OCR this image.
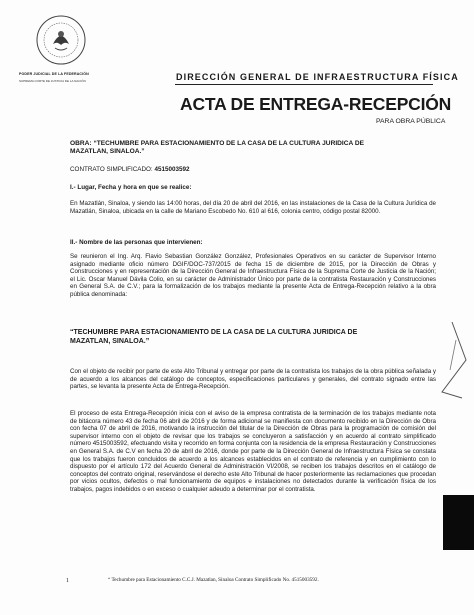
PODER JUDICIAL DE LA FEDERACIÓN
SUPREMA CORTE DE JUSTICIA DE LA NACIÓN	DIRECCIÓN GENERAL DE INFRAESTRUCTURA FÍSICA
ACTA DE ENTREGA-RECEPCIÓN
PARA OBRA PÚBLICA
OBRA: “TECHUMBRE PARA ESTACIONAMIENTO DE LA CASA DE LA CULTURA JURIDICA DE
MAZATLAN, SINALOA.”
CONTRATO SIMPLIFICADO: 4515003592
I.- Lugar, Fecha y hora en que se realice:
En Mazatlán, Sinaloa, y siendo las 14:00 horas, del día 20 de abril del 2016, en las instalaciones de la Casa de la Cultura Jurídica de Mazatlán, Sinaloa, ubicada en la calle de Mariano Escobedo No. 610 al 616, colonia centro, código postal 82000.
II.- Nombre de las personas que intervienen:
Se reunieron el Ing. Arq. Flavio Sebastian González González, Profesionales Operativos en su carácter de Supervisor Interno asignado mediante oficio número DGIF/DOC-737/2015 de fecha 15 de diciembre de 2015, por la Dirección de Obras y Construcciones y en representación de la Dirección General de Infraestructura Física de la Suprema Corte de Justicia de la Nación; el Lic. Oscar Manuel Dávila Colio, en su carácter de Administrador Único por parte de la contratista Restauración y Construcciones en General S.A. de C.V.; para la formalización de los trabajos mediante la presente Acta de Entrega-Recepción relativo a la obra pública denominada:
“TECHUMBRE PARA ESTACIONAMIENTO DE LA CASA DE LA CULTURA JURIDICA DE
MAZATLAN, SINALOA.”
Con el objeto de recibir por parte de este Alto Tribunal y entregar por parte de la contratista los trabajos de la obra pública señalada y de acuerdo a los alcances del catálogo de conceptos, especificaciones particulares y generales, del contrato signado entre las partes, se levanta la presente Acta de Entrega-Recepción.
El proceso de esta Entrega-Recepción inicia con el aviso de la empresa contratista de la terminación de los trabajos mediante nota de bitácora número 43 de fecha 06 abril de 2016 y de forma adicional se manifiesta con documento recibido en la Dirección de Obra con fecha 07 de abril de 2016, motivando la instrucción del titular de la Dirección de Obras para la programación de comisión del supervisor interno con el objeto de revisar que los trabajos se concluyeron a satisfacción y en acuerdo al contrato simplificado número 4515003592, efectuando visita y recorrido en forma conjunta con la residencia de la empresa Restauración y Construcciones en General S.A. de C.V en fecha 20 de abril de 2016, donde por parte de la Dirección General de Infraestructura Física se constata que los trabajos fueron concluidos de acuerdo a los alcances establecidos en el contrato de referencia y en cumplimiento con lo dispuesto por el artículo 172 del Acuerdo General de Administración VI/2008, se reciben los trabajos descritos en el catálogo de conceptos del contrato original, reservándose el derecho este Alto Tribunal de hacer posteriormente las reclamaciones que procedan por vicios ocultos, defectos o mal funcionamiento de equipos e instalaciones no detectados durante la verificación física de los trabajos, pagos indebidos o en exceso o cualquier adeudo a determinar por el contratista.
1	“ Techumbre para Estacionamiento C.C.J. Mazatlan, Sinaloa Contrato Simplificado No. 4515003592.
